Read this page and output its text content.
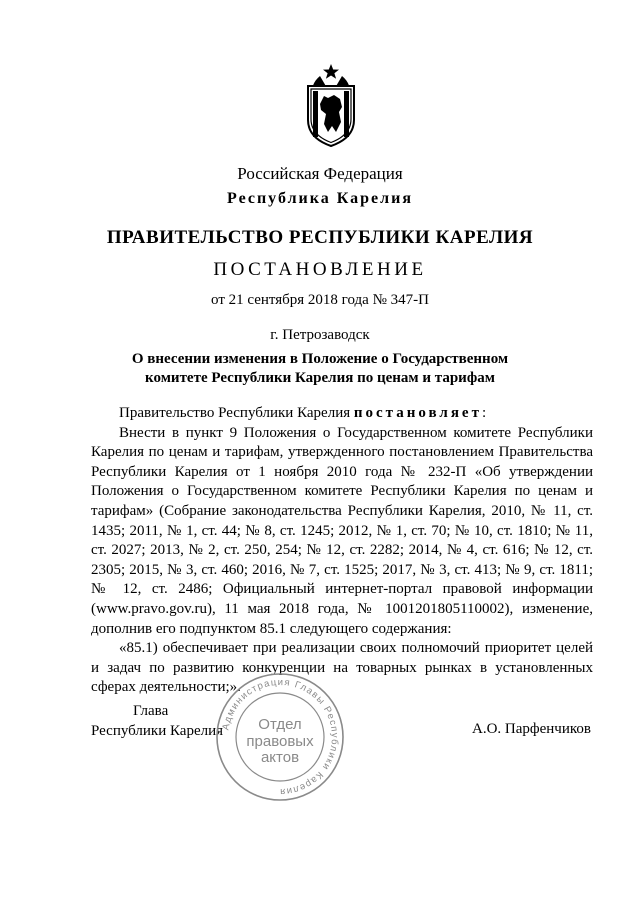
Российская Федерация
Республика Карелия
ПРАВИТЕЛЬСТВО РЕСПУБЛИКИ КАРЕЛИЯ
ПОСТАНОВЛЕНИЕ
от 21 сентября 2018 года № 347-П
г. Петрозаводск
О внесении изменения в Положение о Государственном
комитете Республики Карелия по ценам и тарифам

Правительство Республики Карелия постановляет:

Внести в пункт 9 Положения о Государственном комитете Республики Карелия по ценам и тарифам, утвержденного постановлением Правительства Республики Карелия от 1 ноября 2010 года № 232-П «Об утверждении Положения о Государственном комитете Республики Карелия по ценам и тарифам» (Собрание законодательства Республики Карелия, 2010, № 11, ст. 1435; 2011, № 1, ст. 44; № 8, ст. 1245; 2012, № 1, ст. 70; № 10, ст. 1810; № 11, ст. 2027; 2013, № 2, ст. 250, 254; № 12, ст. 2282; 2014, № 4, ст. 616; № 12, ст. 2305; 2015, № 3, ст. 460; 2016, № 7, ст. 1525; 2017, № 3, ст. 413; № 9, ст. 1811; № 12, ст. 2486; Официальный интернет-портал правовой информации (www.pravo.gov.ru), 11 мая 2018 года, № 1001201805110002), изменение, дополнив его подпунктом 85.1 следующего содержания:

«85.1) обеспечивает при реализации своих полномочий приоритет целей и задач по развитию конкуренции на товарных рынках в установленных сферах деятельности;».

Глава
Республики Карелия	А.О. Парфенчиков
Администрация Главы Республики Карелия
Отдел
правовых
актов
